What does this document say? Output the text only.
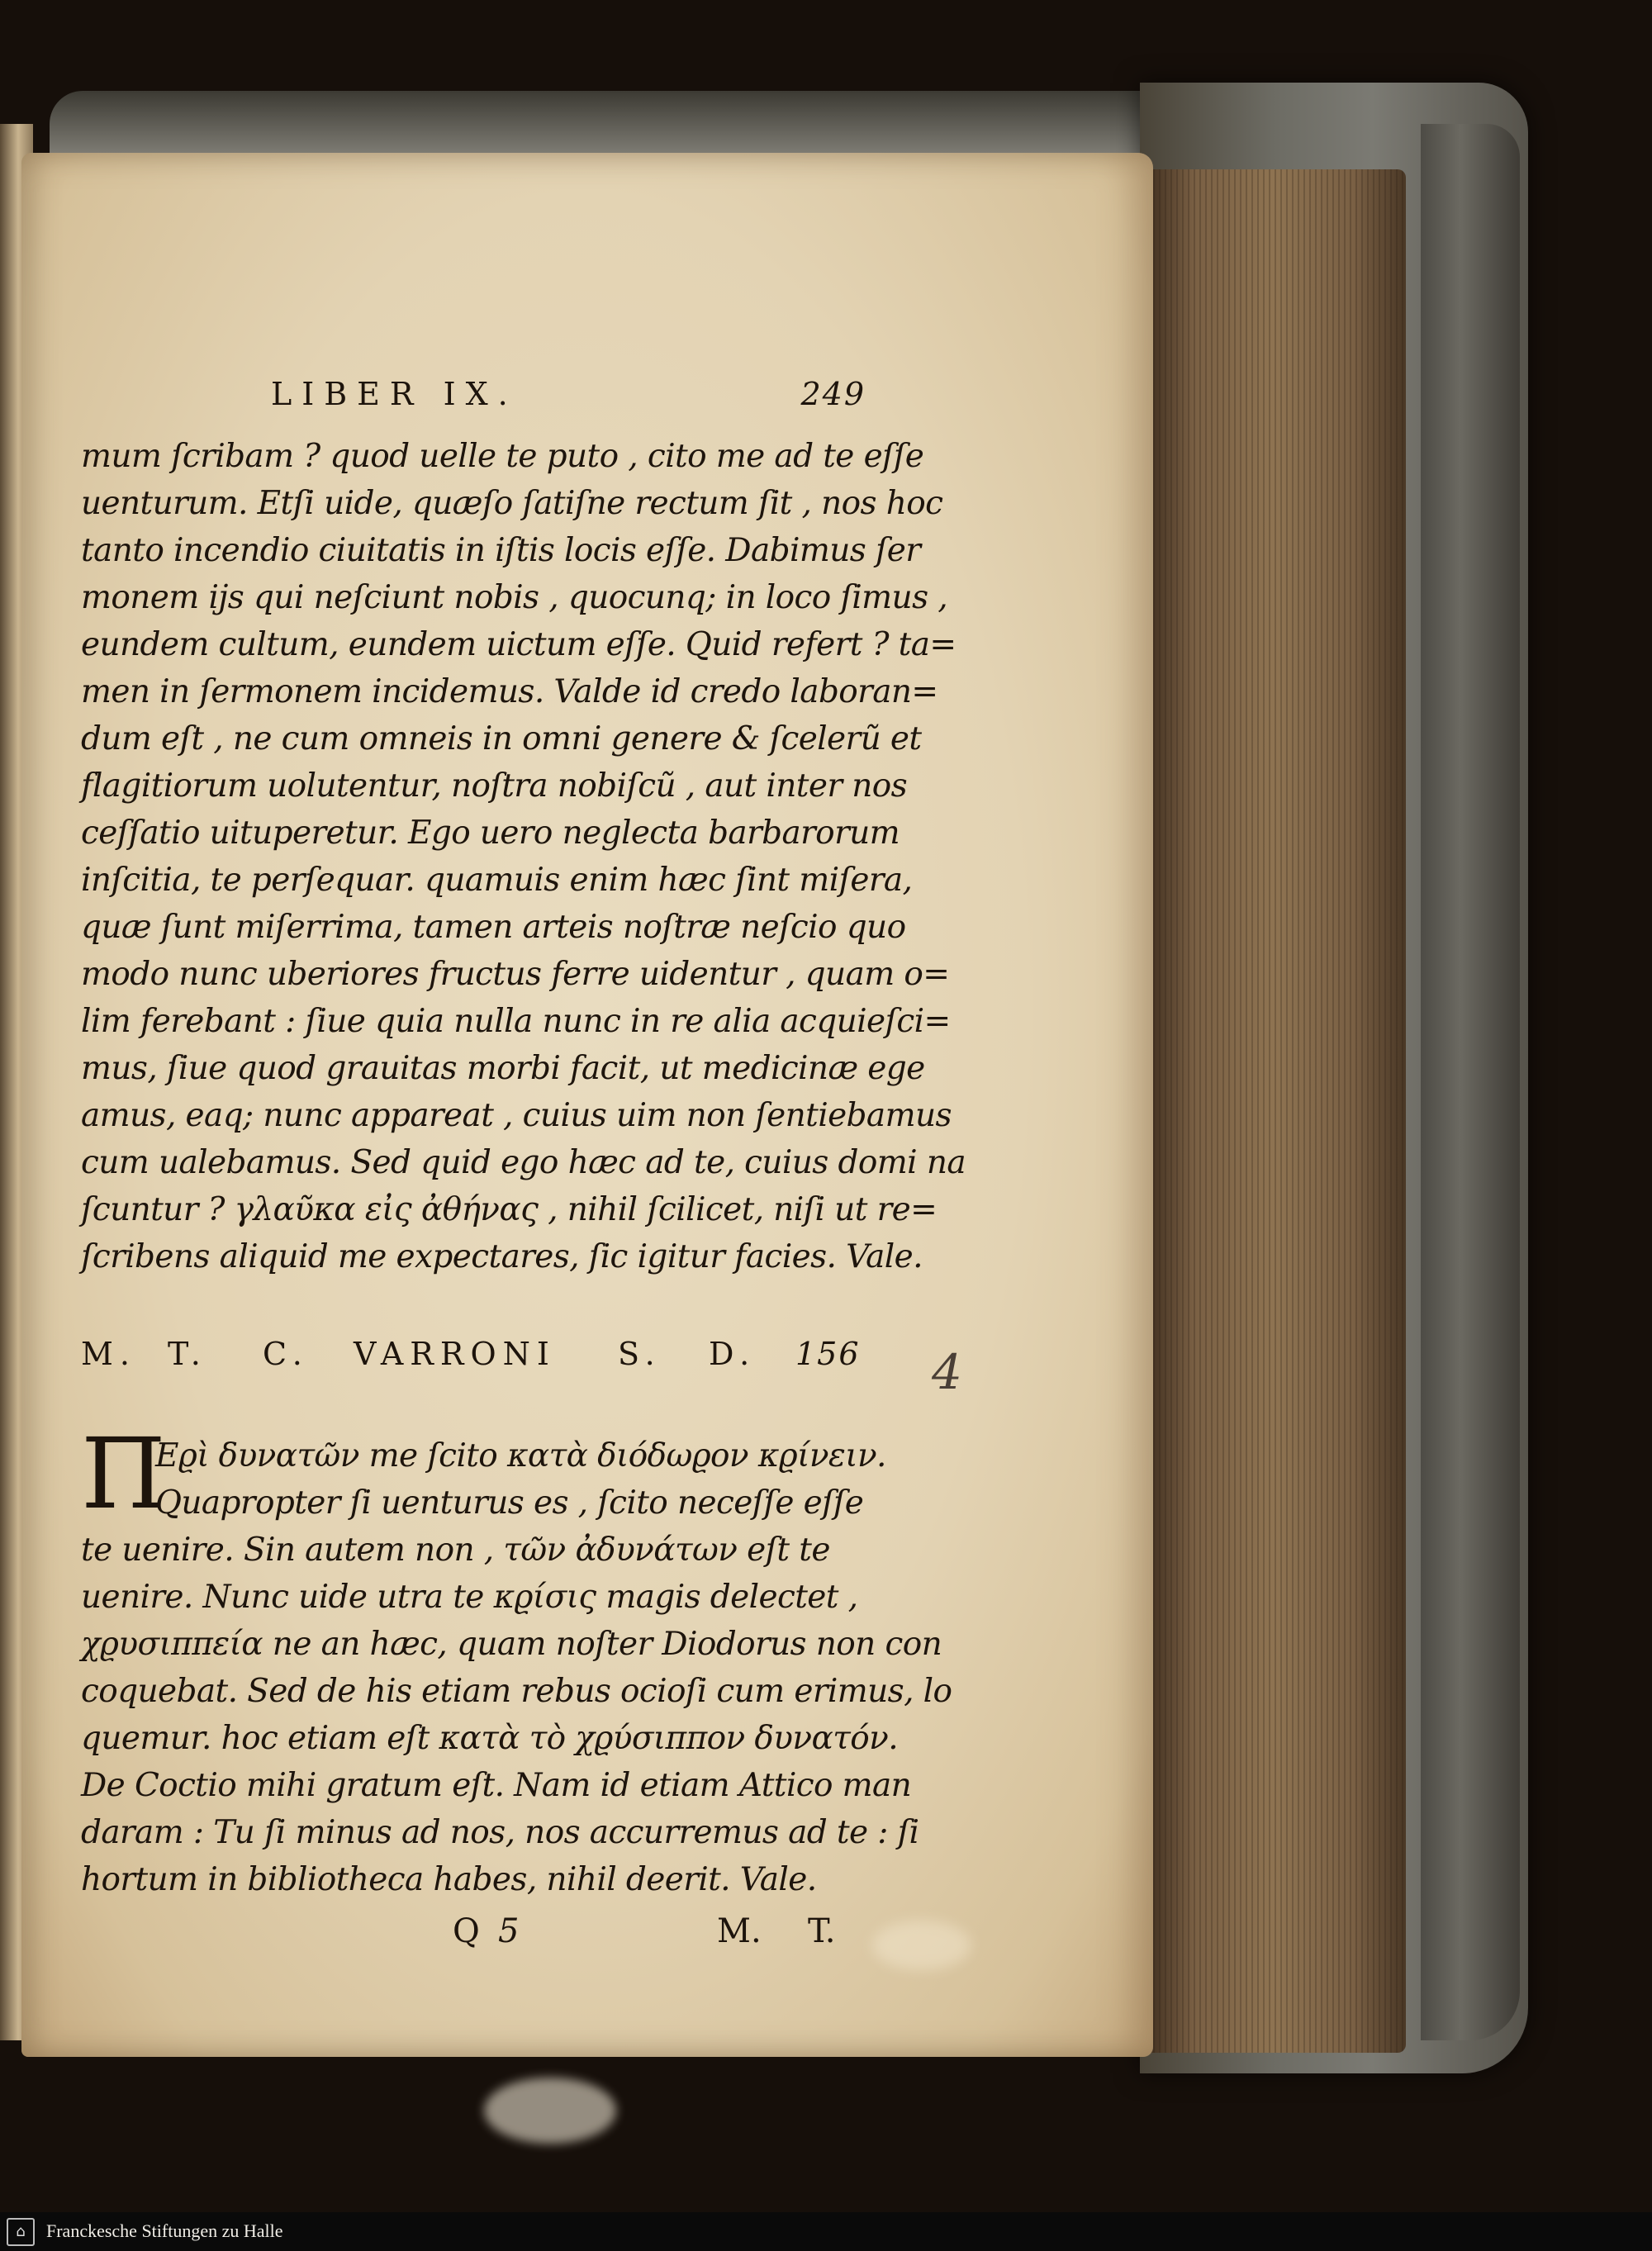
LIBER IX.	249
mum ſcribam ? quod uelle te puto , cito me ad te eſſe
uenturum. Etſi uide, quæſo ſatiſne rectum ſit , nos hoc
tanto incendio ciuitatis in iſtis locis eſſe. Dabimus ſer
monem ijs qui neſciunt nobis , quocunq; in loco ſimus ,
eundem cultum, eundem uictum eſſe. Quid refert ? ta=
men in ſermonem incidemus. Valde id credo laboran=
dum eſt , ne cum omneis in omni genere & ſcelerũ et
flagitiorum uolutentur, noſtra nobiſcũ , aut inter nos
ceſſatio uituperetur. Ego uero neglecta barbarorum
inſcitia, te perſequar. quamuis enim hæc ſint miſera,
quæ ſunt miſerrima, tamen arteis noſtræ neſcio quo
modo nunc uberiores fructus ferre uidentur , quam o=
lim ferebant : ſiue quia nulla nunc in re alia acquieſci=
mus, ſiue quod grauitas morbi facit, ut medicinæ ege
amus, eaq; nunc appareat , cuius uim non ſentiebamus
cum ualebamus. Sed quid ego hæc ad te, cuius domi na
ſcuntur ? γλαῦκα εἰς ἀθήνας , nihil ſcilicet, niſi ut re=
ſcribens aliquid me expectares, ſic igitur facies. Vale.
M. T. C. VARRONI S. D. 156
Π
Eϱὶ δυνατῶν me ſcito κατὰ διόδωϱον κϱίνειν.
Quapropter ſi uenturus es , ſcito neceſſe eſſe
te uenire. Sin autem non , τῶν ἀδυνάτων eſt te
uenire. Nunc uide utra te κϱίσις magis delectet ,
χϱυσιππεία ne an hæc, quam noſter Diodorus non con
coquebat. Sed de his etiam rebus ocioſi cum erimus, lo
quemur. hoc etiam eſt κατὰ τὸ χϱύσιππον δυνατόν.
De Coctio mihi gratum eſt. Nam id etiam Attico man
daram : Tu ſi minus ad nos, nos accurremus ad te : ſi
hortum in bibliotheca habes, nihil deerit. Vale.
Q 5	M. T.
4
⌂	Franckesche Stiftungen zu Halle
